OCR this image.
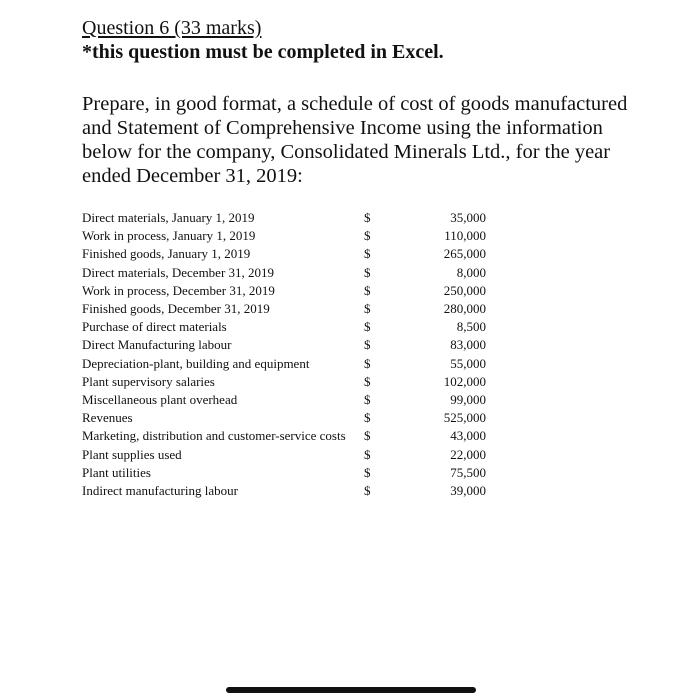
Question 6 (33 marks)

*this question must be completed in Excel.

Prepare, in good format, a schedule of cost of goods manufactured and Statement of Comprehensive Income using the information below for the company, Consolidated Minerals Ltd., for the year ended December 31, 2019:

Direct materials, January 1, 2019	$	35,000
Work in process, January 1, 2019	$	110,000
Finished goods, January 1, 2019	$	265,000
Direct materials, December 31, 2019	$	8,000
Work in process, December 31, 2019	$	250,000
Finished goods, December 31, 2019	$	280,000
Purchase of direct materials	$	8,500
Direct Manufacturing labour	$	83,000
Depreciation-plant, building and equipment	$	55,000
Plant supervisory salaries	$	102,000
Miscellaneous plant overhead	$	99,000
Revenues	$	525,000
Marketing, distribution and customer-service costs	$	43,000
Plant supplies used	$	22,000
Plant utilities	$	75,500
Indirect manufacturing labour	$	39,000
